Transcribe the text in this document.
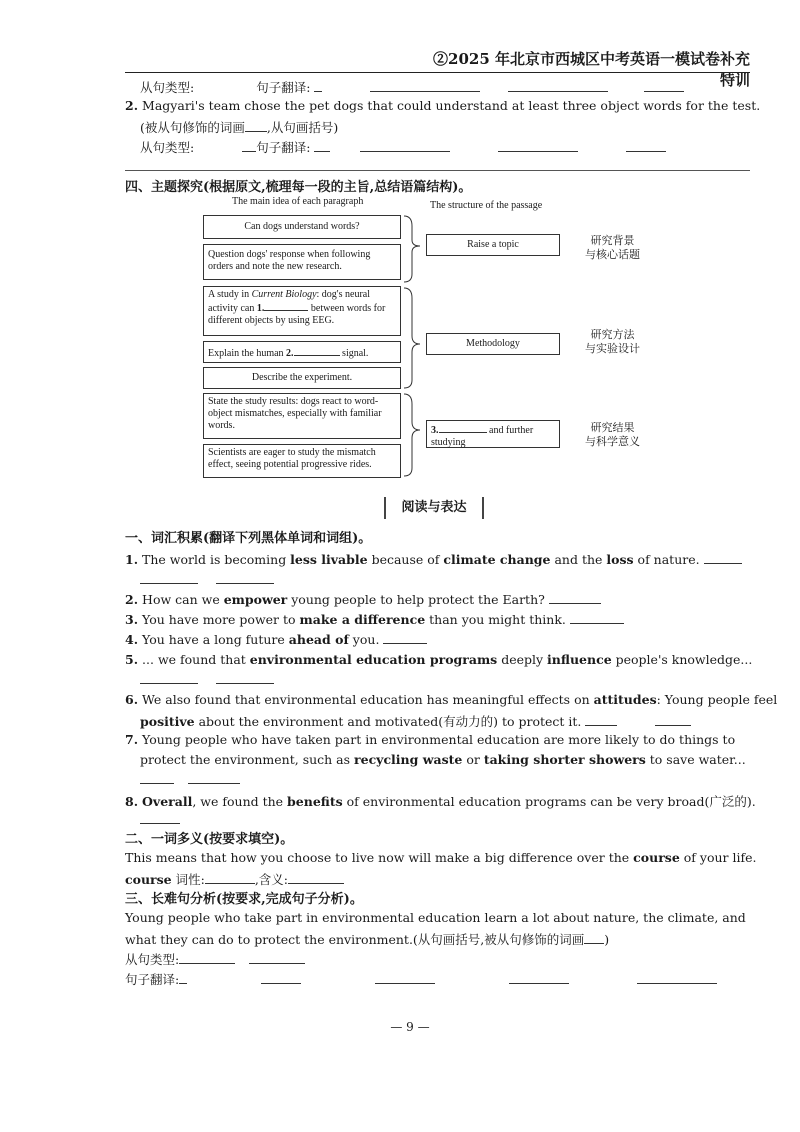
②2025 年北京市西城区中考英语一模试卷补充特训
从句类型:	句子翻译:
2. Magyari's team chose the pet dogs that could understand at least three object words for the test.
(被从句修饰的词画 ,从句画括号)
从句类型:	句子翻译:
四、主题探究(根据原文,梳理每一段的主旨,总结语篇结构)。
The main idea of each paragraph	The structure of the passage
Can dogs understand words?
Question dogs' response when following orders and note the new research.
A study in Current Biology: dog's neural activity can 1.	between words for different objects by using EEG.
Explain the human 2.	signal.
Describe the experiment.
State the study results: dogs react to word-object mismatches, especially with familiar words.
Scientists are eager to study the mismatch effect, seeing potential progressive rides.
Raise a topic
Methodology
3.	and further
studying
研究背景
与核心话题
研究方法
与实验设计
研究结果
与科学意义
阅读与表达
一、词汇积累(翻译下列黑体单词和词组)。
1. The world is becoming less livable because of climate change and the loss of nature.

2. How can we empower young people to help protect the Earth?
3. You have more power to make a difference than you might think.
4. You have a long future ahead of you.
5. ... we found that environmental education programs deeply influence people's knowledge...

6. We also found that environmental education has meaningful effects on attitudes: Young people feel
positive about the environment and motivated(有动力的) to protect it.
7. Young people who have taken part in environmental education are more likely to do things to
protect the environment, such as recycling waste or taking shorter showers to save water...

8. Overall, we found the benefits of environmental education programs can be very broad(广泛的).
二、一词多义(按要求填空)。
This means that how you choose to live now will make a big difference over the course of your life.
course 词性:	,含义:
三、长难句分析(按要求,完成句子分析)。
Young people who take part in environmental education learn a lot about nature, the climate, and
what they can do to protect the environment.(从句画括号,被从句修饰的词画 )
从句类型:
句子翻译:
— 9 —
